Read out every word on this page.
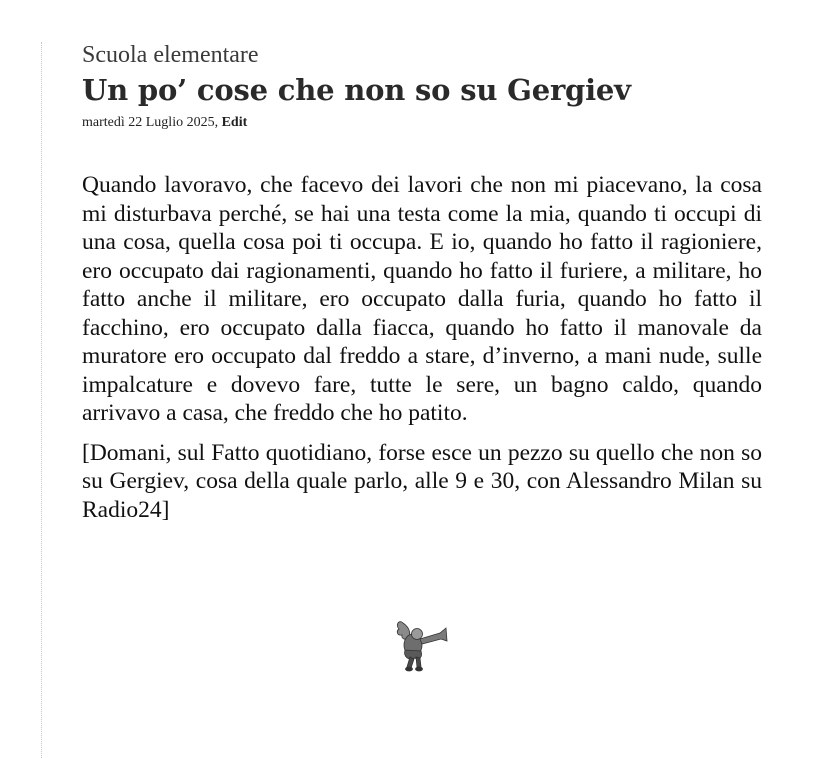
Scuola elementare
Un po’ cose che non so su Gergiev
martedì 22 Luglio 2025, Edit

Quando lavoravo, che facevo dei lavori che non mi piacevano, la cosa mi disturbava perché, se hai una testa come la mia, quando ti occupi di una cosa, quella cosa poi ti occupa. E io, quando ho fatto il ragioniere, ero occupato dai ragionamenti, quando ho fatto il furiere, a militare, ho fatto anche il militare, ero occupato dalla furia, quando ho fatto il facchino, ero occupato dalla fiacca, quando ho fatto il manovale da muratore ero occupato dal freddo a stare, d’inverno, a mani nude, sulle impalcature e dovevo fare, tutte le sere, un bagno caldo, quando arrivavo a casa, che freddo che ho patito.

[Domani, sul Fatto quotidiano, forse esce un pezzo su quello che non so su Gergiev, cosa della quale parlo, alle 9 e 30, con Alessandro Milan su Radio24]
